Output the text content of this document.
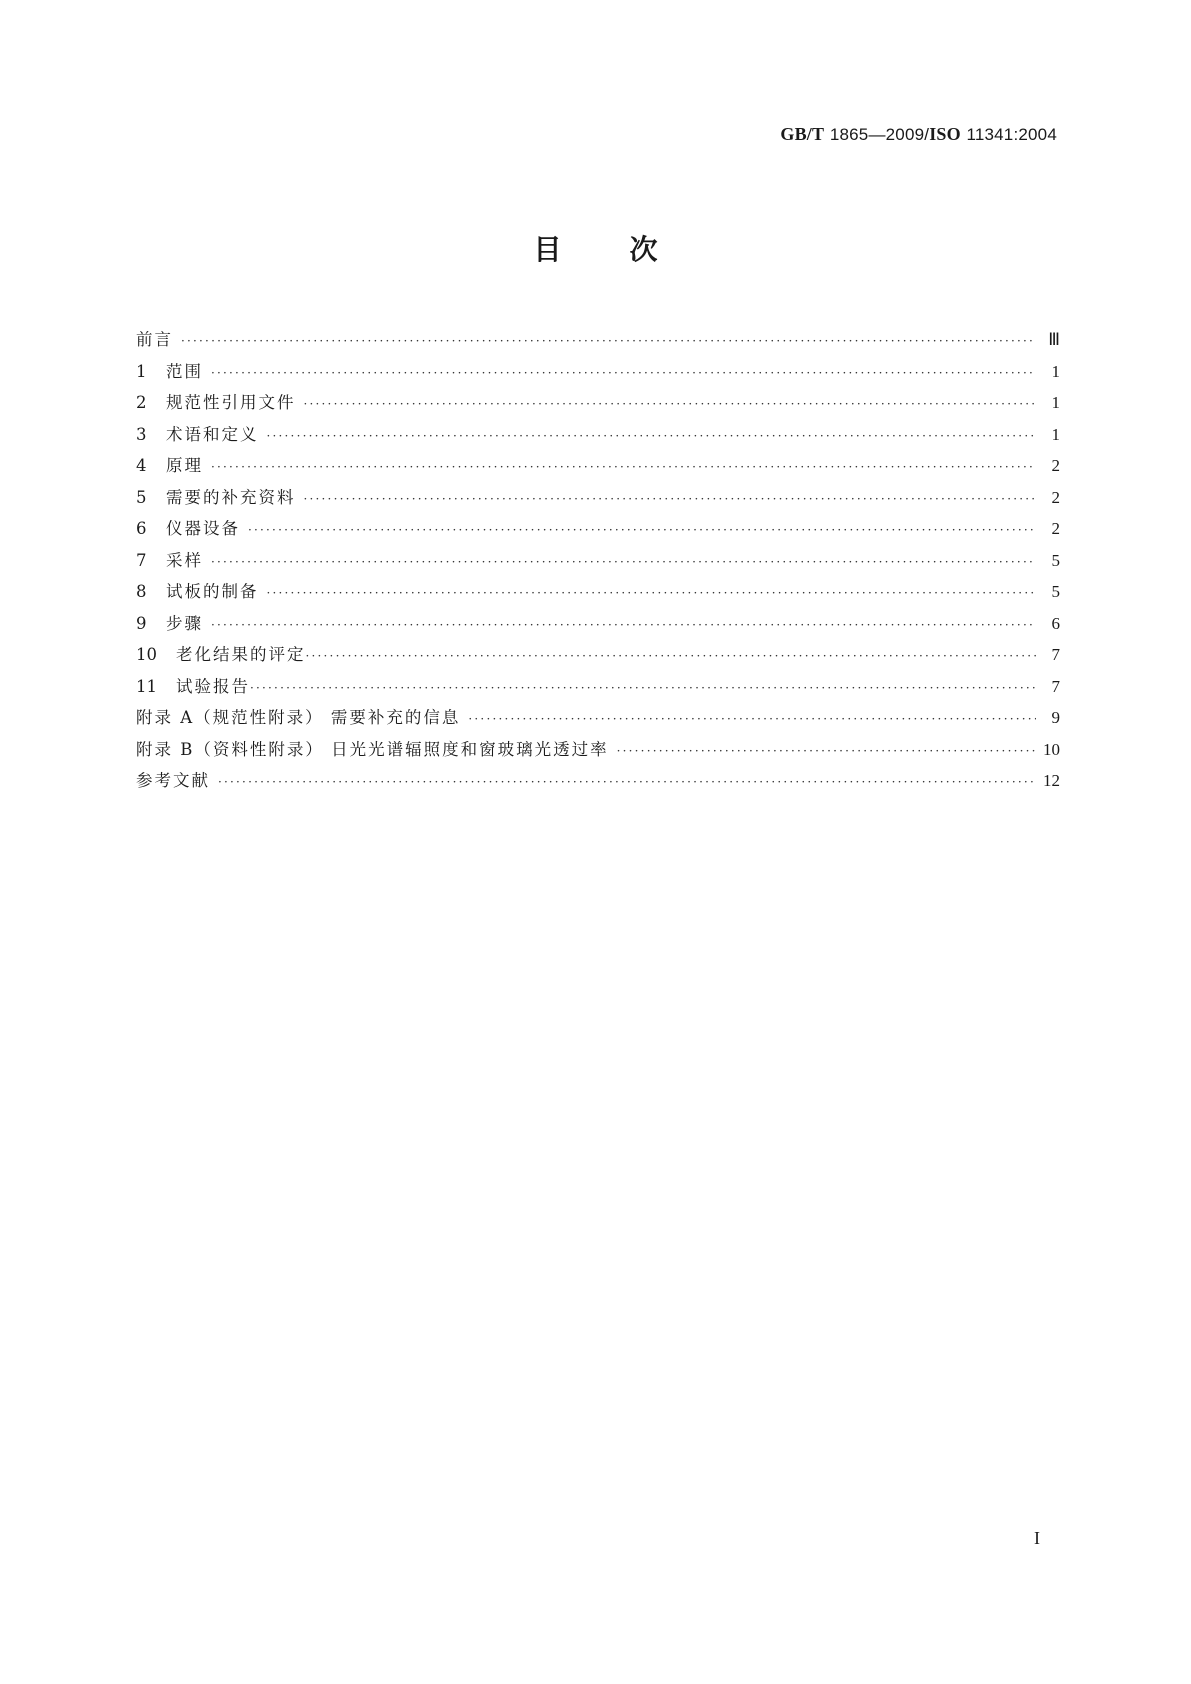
GB/T 1865—2009/ISO 11341:2004
目 次
前言 ·····	Ⅲ
1	范围 ·····	1
2	规范性引用文件 ·····	1
3	术语和定义 ·····	1
4	原理 ·····	2
5	需要的补充资料 ·····	2
6	仪器设备 ·····	2
7	采样 ·····	5
8	试板的制备 ·····	5
9	步骤 ·····	6
10	老化结果的评定 ·····	7
11	试验报告 ·····	7
附录 A（规范性附录） 需要补充的信息 ·····	9
附录 B（资料性附录） 日光光谱辐照度和窗玻璃光透过率 ·····	10
参考文献 ·····	12
I
